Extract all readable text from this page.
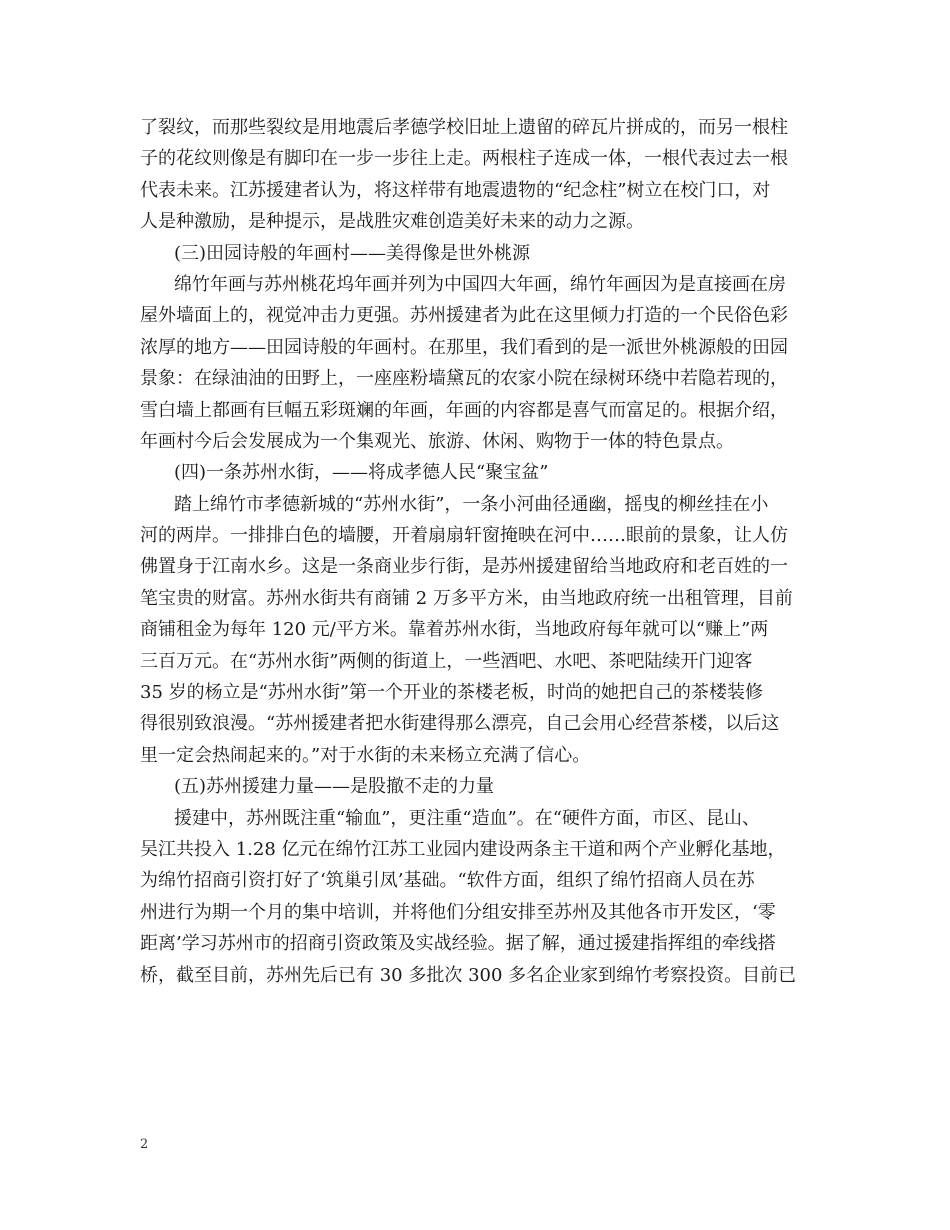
了裂纹，而那些裂纹是用地震后孝德学校旧址上遗留的碎瓦片拼成的，而另一根柱
子的花纹则像是有脚印在一步一步往上走。两根柱子连成一体，一根代表过去一根
代表未来。江苏援建者认为，将这样带有地震遗物的“纪念柱”树立在校门口，对
人是种激励，是种提示，是战胜灾难创造美好未来的动力之源。
(三)田园诗般的年画村——美得像是世外桃源
绵竹年画与苏州桃花坞年画并列为中国四大年画，绵竹年画因为是直接画在房
屋外墙面上的，视觉冲击力更强。苏州援建者为此在这里倾力打造的一个民俗色彩
浓厚的地方——田园诗般的年画村。在那里，我们看到的是一派世外桃源般的田园
景象：在绿油油的田野上，一座座粉墙黛瓦的农家小院在绿树环绕中若隐若现的，
雪白墙上都画有巨幅五彩斑斓的年画，年画的内容都是喜气而富足的。根据介绍，
年画村今后会发展成为一个集观光、旅游、休闲、购物于一体的特色景点。
(四)一条苏州水街，——将成孝德人民“聚宝盆”
踏上绵竹市孝德新城的“苏州水街”，一条小河曲径通幽，摇曳的柳丝挂在小
河的两岸。一排排白色的墙腰，开着扇扇轩窗掩映在河中……眼前的景象，让人仿
佛置身于江南水乡。这是一条商业步行街，是苏州援建留给当地政府和老百姓的一
笔宝贵的财富。苏州水街共有商铺 2 万多平方米，由当地政府统一出租管理，目前
商铺租金为每年 120 元/平方米。靠着苏州水街，当地政府每年就可以“赚上”两
三百万元。在“苏州水街”两侧的街道上，一些酒吧、水吧、茶吧陆续开门迎客
35 岁的杨立是“苏州水街”第一个开业的茶楼老板，时尚的她把自己的茶楼装修
得很别致浪漫。“苏州援建者把水街建得那么漂亮，自己会用心经营茶楼，以后这
里一定会热闹起来的。”对于水街的未来杨立充满了信心。
(五)苏州援建力量——是股撤不走的力量
援建中，苏州既注重“输血”，更注重“造血”。在“硬件方面，市区、昆山、
吴江共投入 1.28 亿元在绵竹江苏工业园内建设两条主干道和两个产业孵化基地，
为绵竹招商引资打好了‘筑巢引凤’基础。“软件方面，组织了绵竹招商人员在苏
州进行为期一个月的集中培训，并将他们分组安排至苏州及其他各市开发区，‘零
距离’学习苏州市的招商引资政策及实战经验。据了解，通过援建指挥组的牵线搭
桥，截至目前，苏州先后已有 30 多批次 300 多名企业家到绵竹考察投资。目前已
2
